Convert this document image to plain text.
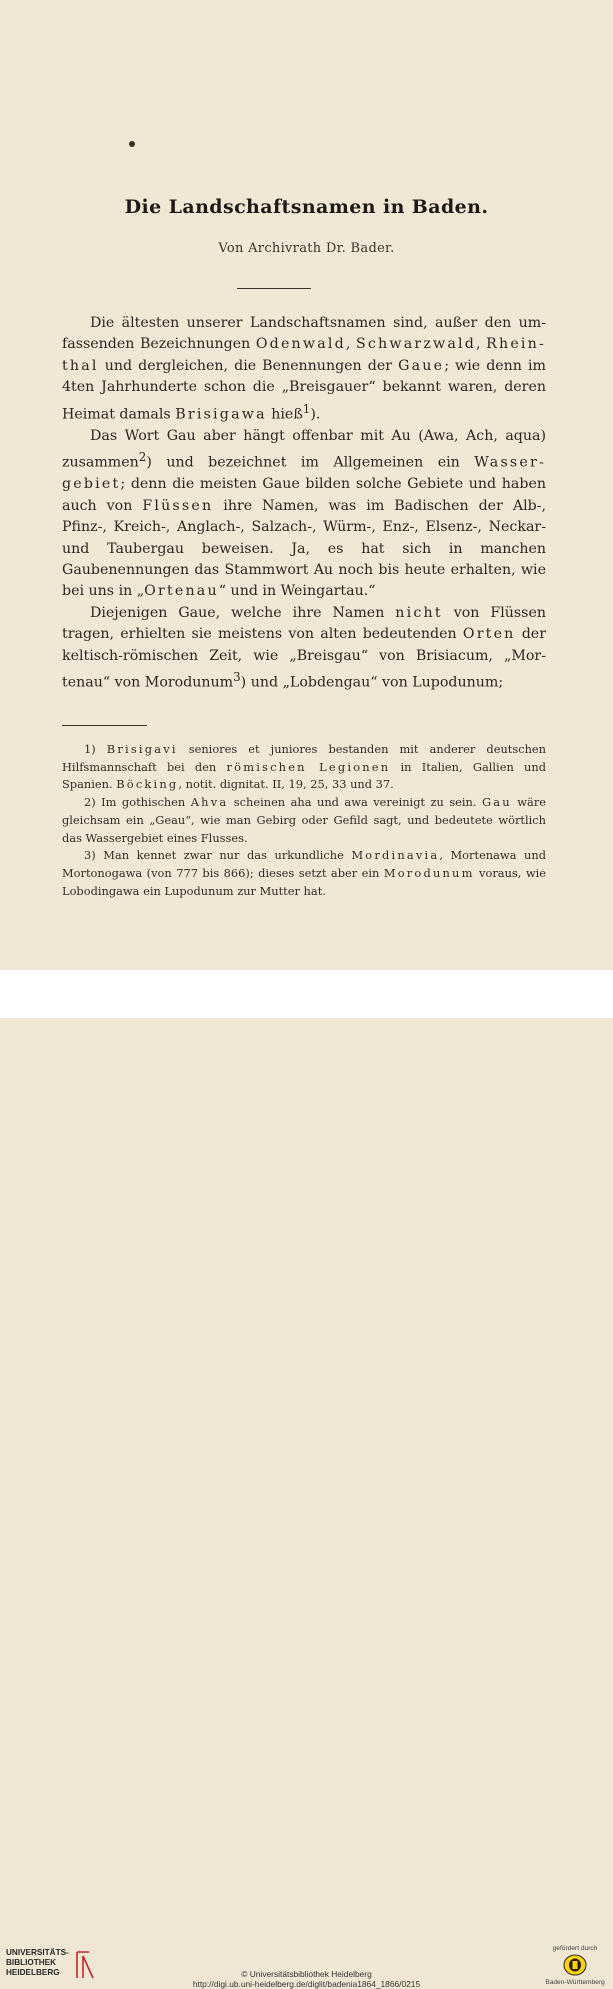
Die Landschaftsnamen in Baden.
Von Archivrath Dr. Bader.

Die ältesten unserer Landschaftsnamen sind, außer den um-fassenden Bezeichnungen Odenwald, Schwarzwald, Rhein-thal und dergleichen, die Benennungen der Gaue; wie denn im 4ten Jahrhunderte schon die „Breisgauer“ bekannt waren, deren Heimat damals Brisigawa hieß$^1$).

Das Wort Gau aber hängt offenbar mit Au (Awa, Ach, aqua) zusammen$^2$) und bezeichnet im Allgemeinen ein Wasser-gebiet; denn die meisten Gaue bilden solche Gebiete und haben auch von Flüssen ihre Namen, was im Badischen der Alb-, Pfinz-, Kreich-, Anglach-, Salzach-, Würm-, Enz-, Elsenz-, Neckar- und Taubergau beweisen. Ja, es hat sich in manchen Gaubenennungen das Stammwort Au noch bis heute erhalten, wie bei uns in „Ortenau“ und in Weingartau.“

Diejenigen Gaue, welche ihre Namen nicht von Flüssen tragen, erhielten sie meistens von alten bedeutenden Orten der keltisch-römischen Zeit, wie „Breisgau“ von Brisiacum, „Mor-tenau“ von Morodunum$^3$) und „Lobdengau“ von Lupodunum;

1) Brisigavi seniores et juniores bestanden mit anderer deutschen Hilfsmannschaft bei den römischen Legionen in Italien, Gallien und Spanien. Böcking, notit. dignitat. II, 19, 25, 33 und 37.

2) Im gothischen Ahva scheinen aha und awa vereinigt zu sein. Gau wäre gleichsam ein „Geau“, wie man Gebirg oder Gefild sagt, und bedeutete wörtlich das Wassergebiet eines Flusses.

3) Man kennet zwar nur das urkundliche Mordinavia, Mortenawa und Mortonogawa (von 777 bis 866); dieses setzt aber ein Morodunum voraus, wie Lobodingawa ein Lupodunum zur Mutter hat.

UNIVERSITÄTS-
BIBLIOTHEK
HEIDELBERG	© Universitätsbibliothek Heidelberg
http://digi.ub.uni-heidelberg.de/diglit/badenia1864_1866/0215
gefördert durch
Baden-Württemberg
